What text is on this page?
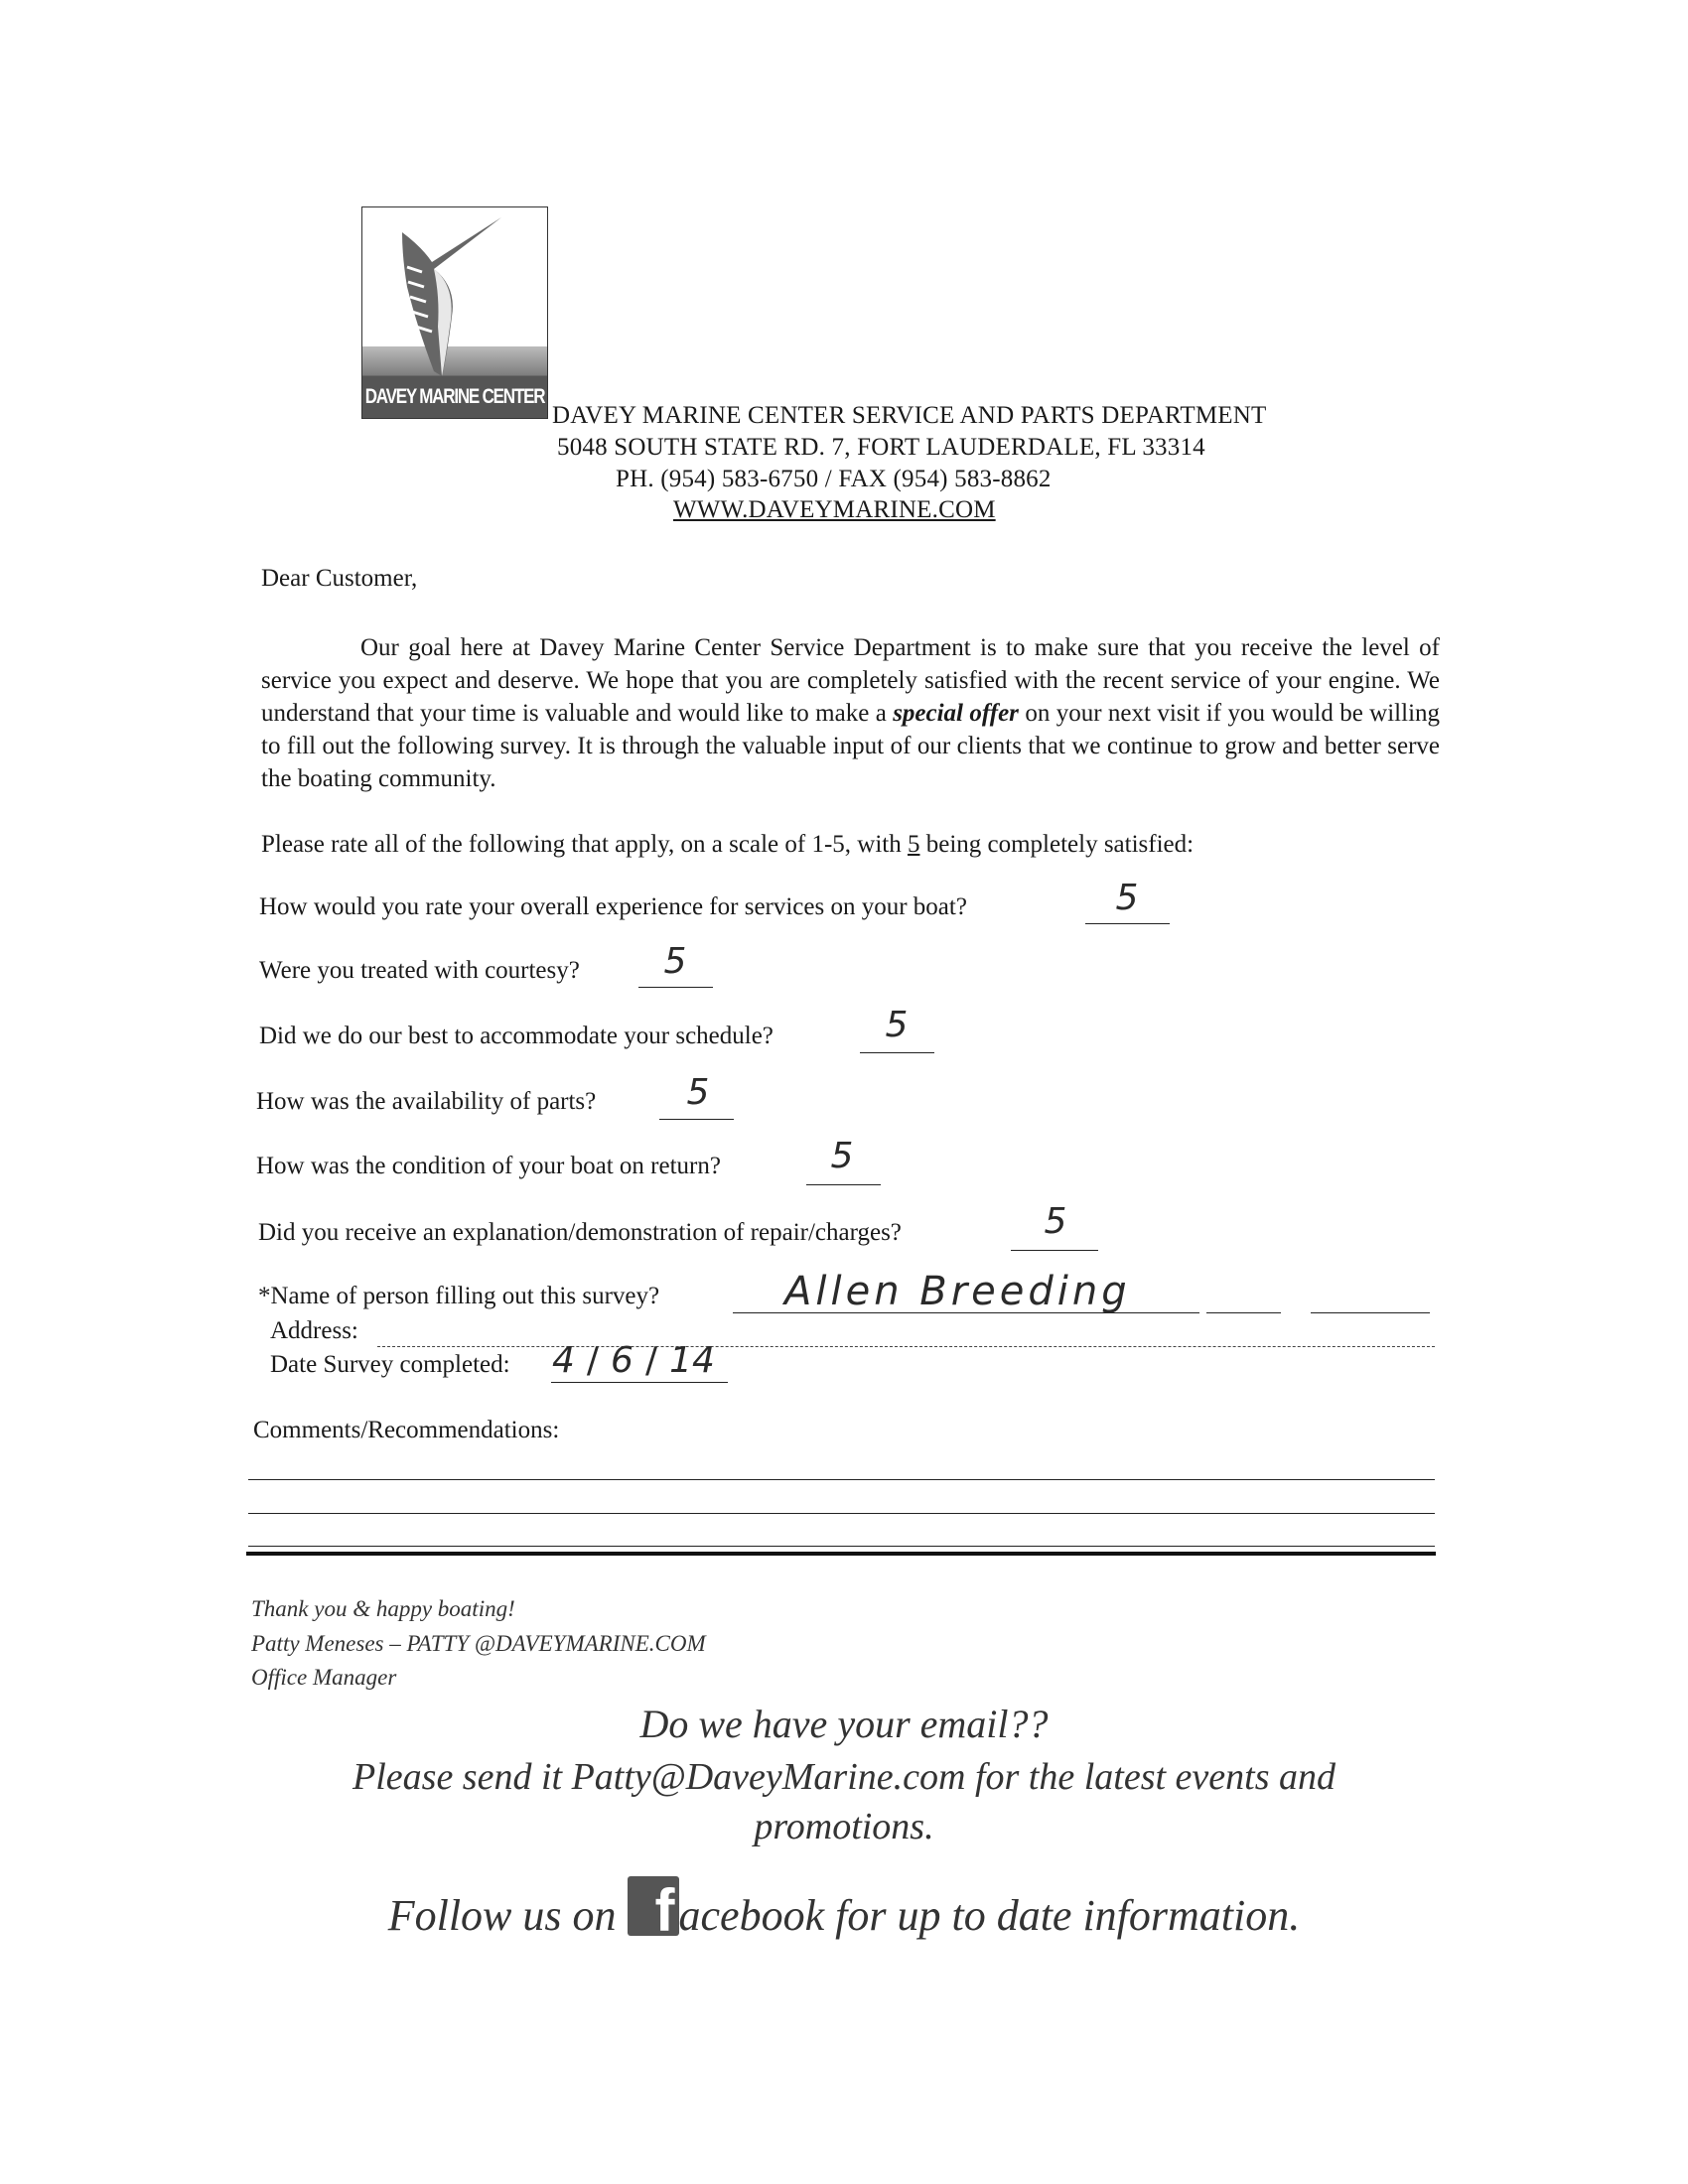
DAVEY MARINE CENTER
DAVEY MARINE CENTER SERVICE AND PARTS DEPARTMENT
5048 SOUTH STATE RD. 7, FORT LAUDERDALE, FL 33314
PH. (954) 583-6750 / FAX (954) 583-8862
WWW.DAVEYMARINE.COM
Dear Customer,
Our goal here at Davey Marine Center Service Department is to make sure that you receive the level of service you expect and deserve. We hope that you are completely satisfied with the recent service of your engine. We understand that your time is valuable and would like to make a special offer on your next visit if you would be willing to fill out the following survey. It is through the valuable input of our clients that we continue to grow and better serve the boating community.
Please rate all of the following that apply, on a scale of 1-5, with 5 being completely satisfied:
How would you rate your overall experience for services on your boat?	5
Were you treated with courtesy?	5
Did we do our best to accommodate your schedule?	5
How was the availability of parts?	5
How was the condition of your boat on return?	5
Did you receive an explanation/demonstration of repair/charges?	5
*Name of person filling out this survey?	Allen Breeding
Address:
Date Survey completed: 4 / 6 / 14
Comments/Recommendations:
Thank you & happy boating!
Patty Meneses – PATTY @DAVEYMARINE.COM
Office Manager
Do we have your email??
Please send it Patty@DaveyMarine.com for the latest events and
promotions.
Follow us on facebook for up to date information.
